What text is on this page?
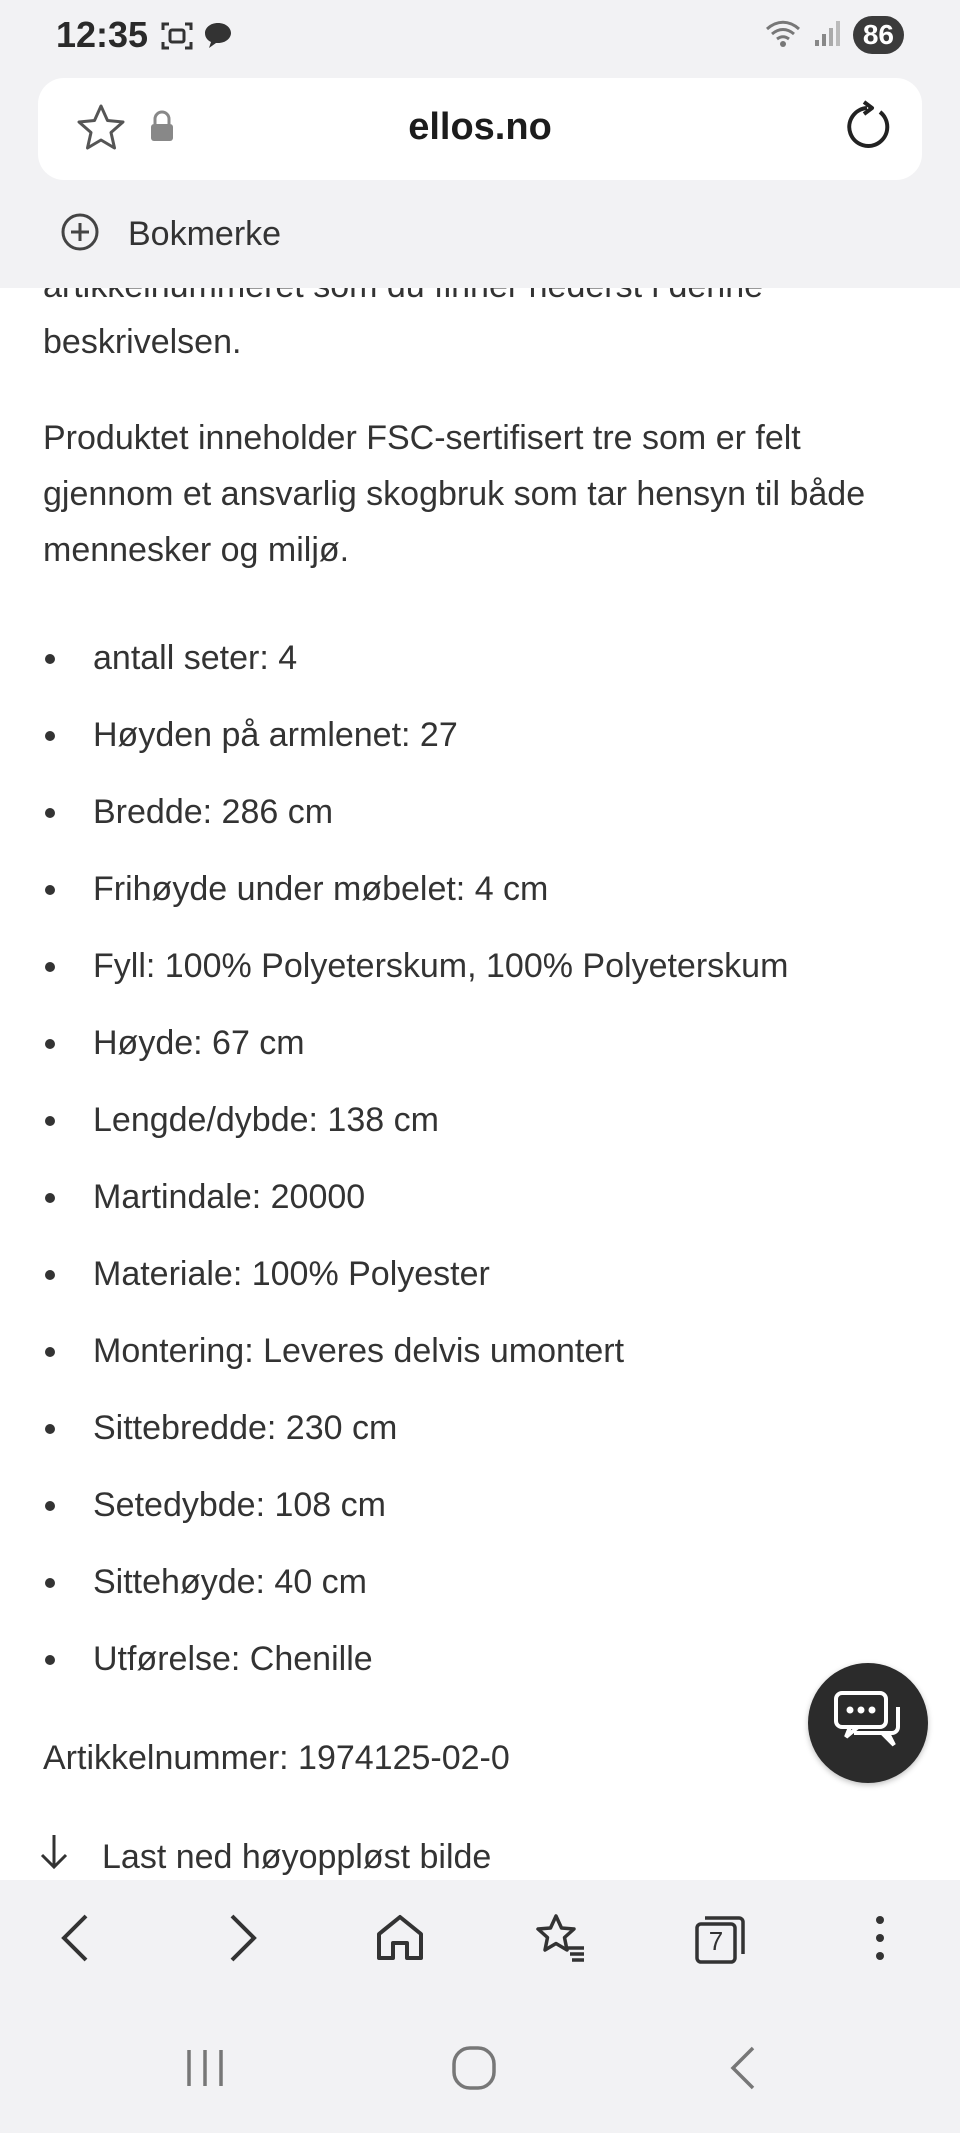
beskrivelsen.

Produktet inneholder FSC-sertifisert tre som er felt gjennom et ansvarlig skogbruk som tar hensyn til både mennesker og miljø.

antall seter: 4
Høyden på armlenet: 27
Bredde: 286 cm
Frihøyde under møbelet: 4 cm
Fyll: 100% Polyeterskum, 100% Polyeterskum
Høyde: 67 cm
Lengde/dybde: 138 cm
Martindale: 20000
Materiale: 100% Polyester
Montering: Leveres delvis umontert
Sittebredde: 230 cm
Setedybde: 108 cm
Sittehøyde: 40 cm
Utførelse: Chenille

Artikkelnummer: 1974125-02-0

Last ned høyoppløst bilde
12:35	86
ellos.no
Bokmerke
7
